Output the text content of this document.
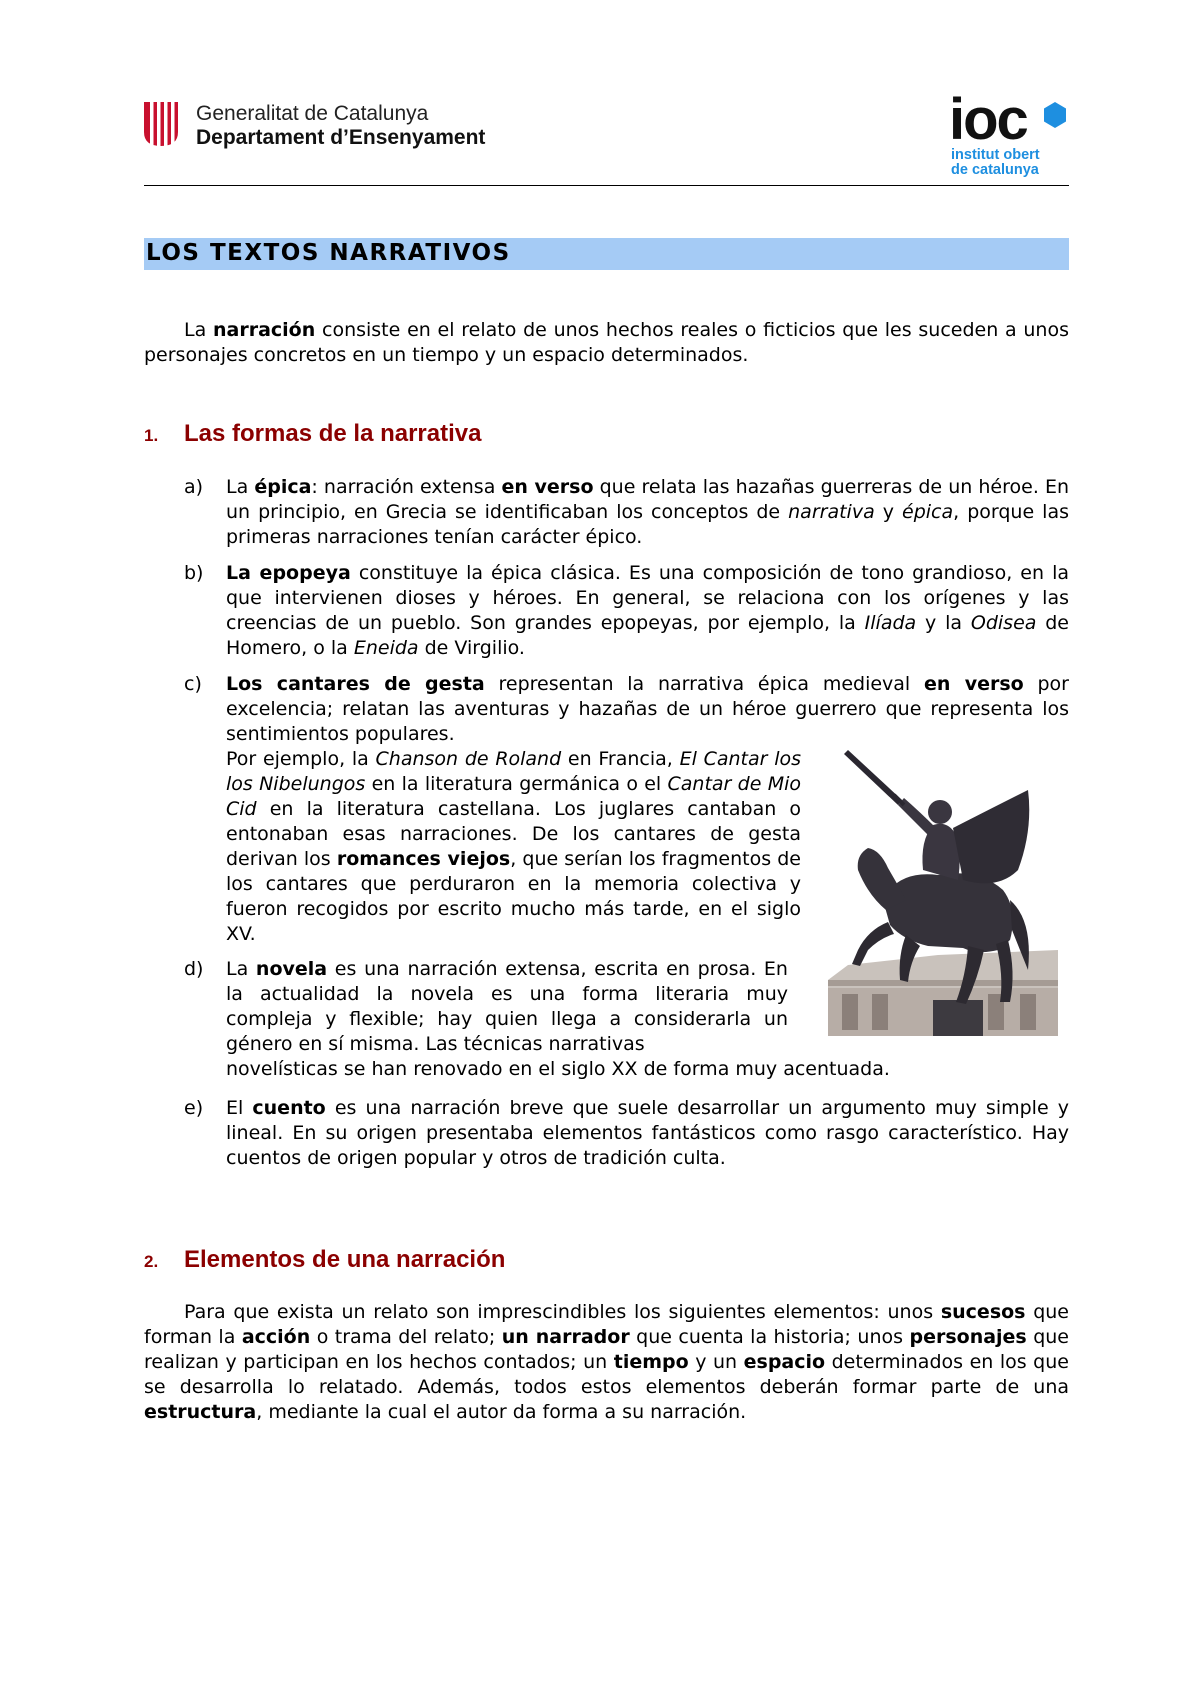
Generalitat de Catalunya
Departament d’Ensenyament	ioc
institut obert
de catalunya
LOS TEXTOS NARRATIVOS
La narración consiste en el relato de unos hechos reales o ficticios que les suceden a unos personajes concretos en un tiempo y un espacio determinados.
1. Las formas de la narrativa
a) La épica: narración extensa en verso que relata las hazañas guerreras de un héroe. En un principio, en Grecia se identificaban los conceptos de narrativa y épica, porque las primeras narraciones tenían carácter épico.
b) La epopeya constituye la épica clásica. Es una composición de tono grandioso, en la que intervienen dioses y héroes. En general, se relaciona con los orígenes y las creencias de un pueblo. Son grandes epopeyas, por ejemplo, la Ilíada y la Odisea de Homero, o la Eneida de Virgilio.
c) Los cantares de gesta representan la narrativa épica medieval en verso por excelencia; relatan las aventuras y hazañas de un héroe guerrero que representa los sentimientos populares.
Por ejemplo, la Chanson de Roland en Francia, El Cantar los los Nibelungos en la literatura germánica o el Cantar de Mio Cid en la literatura castellana. Los juglares cantaban o entonaban esas narraciones. De los cantares de gesta derivan los romances viejos, que serían los fragmentos de los cantares que perduraron en la memoria colectiva y fueron recogidos por escrito mucho más tarde, en el siglo XV.
d) La novela es una narración extensa, escrita en prosa. En la actualidad la novela es una forma literaria muy compleja y flexible; hay quien llega a considerarla un género en sí misma. Las técnicas narrativas
novelísticas se han renovado en el siglo XX de forma muy acentuada.
e) El cuento es una narración breve que suele desarrollar un argumento muy simple y lineal. En su origen presentaba elementos fantásticos como rasgo característico. Hay cuentos de origen popular y otros de tradición culta.
2. Elementos de una narración
Para que exista un relato son imprescindibles los siguientes elementos: unos sucesos que forman la acción o trama del relato; un narrador que cuenta la historia; unos personajes que realizan y participan en los hechos contados; un tiempo y un espacio determinados en los que se desarrolla lo relatado. Además, todos estos elementos deberán formar parte de una estructura, mediante la cual el autor da forma a su narración.
